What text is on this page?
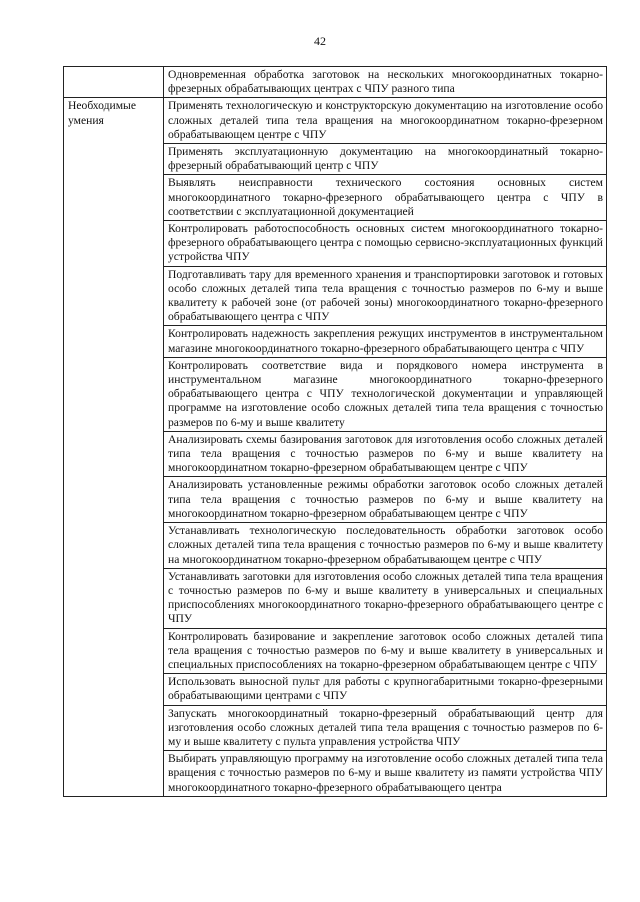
42
	Одновременная обработка заготовок на нескольких многокоординатных токарно-фрезерных обрабатывающих центрах с ЧПУ разного типа
Необходимые умения	Применять технологическую и конструкторскую документацию на изготовление особо сложных деталей типа тела вращения на многокоординатном токарно-фрезерном обрабатывающем центре с ЧПУ
	Применять эксплуатационную документацию на многокоординатный токарно-фрезерный обрабатывающий центр с ЧПУ
	Выявлять неисправности технического состояния основных систем многокоординатного токарно-фрезерного обрабатывающего центра с ЧПУ в соответствии с эксплуатационной документацией
	Контролировать работоспособность основных систем многокоординатного токарно-фрезерного обрабатывающего центра с помощью сервисно-эксплуатационных функций устройства ЧПУ
	Подготавливать тару для временного хранения и транспортировки заготовок и готовых особо сложных деталей типа тела вращения с точностью размеров по 6-му и выше квалитету к рабочей зоне (от рабочей зоны) многокоординатного токарно-фрезерного обрабатывающего центра с ЧПУ
	Контролировать надежность закрепления режущих инструментов в инструментальном магазине многокоординатного токарно-фрезерного обрабатывающего центра с ЧПУ
	Контролировать соответствие вида и порядкового номера инструмента в инструментальном магазине многокоординатного токарно-фрезерного обрабатывающего центра с ЧПУ технологической документации и управляющей программе на изготовление особо сложных деталей типа тела вращения с точностью размеров по 6-му и выше квалитету
	Анализировать схемы базирования заготовок для изготовления особо сложных деталей типа тела вращения с точностью размеров по 6-му и выше квалитету на многокоординатном токарно-фрезерном обрабатывающем центре с ЧПУ
	Анализировать установленные режимы обработки заготовок особо сложных деталей типа тела вращения с точностью размеров по 6-му и выше квалитету на многокоординатном токарно-фрезерном обрабатывающем центре с ЧПУ
	Устанавливать технологическую последовательность обработки заготовок особо сложных деталей типа тела вращения с точностью размеров по 6-му и выше квалитету на многокоординатном токарно-фрезерном обрабатывающем центре с ЧПУ
	Устанавливать заготовки для изготовления особо сложных деталей типа тела вращения с точностью размеров по 6-му и выше квалитету в универсальных и специальных приспособлениях многокоординатного токарно-фрезерного обрабатывающего центре с ЧПУ
	Контролировать базирование и закрепление заготовок особо сложных деталей типа тела вращения с точностью размеров по 6-му и выше квалитету в универсальных и специальных приспособлениях на токарно-фрезерном обрабатывающем центре с ЧПУ
	Использовать выносной пульт для работы с крупногабаритными токарно-фрезерными обрабатывающими центрами с ЧПУ
	Запускать многокоординатный токарно-фрезерный обрабатывающий центр для изготовления особо сложных деталей типа тела вращения с точностью размеров по 6-му и выше квалитету с пульта управления устройства ЧПУ
	Выбирать управляющую программу на изготовление особо сложных деталей типа тела вращения с точностью размеров по 6-му и выше квалитету из памяти устройства ЧПУ многокоординатного токарно-фрезерного обрабатывающего центра
